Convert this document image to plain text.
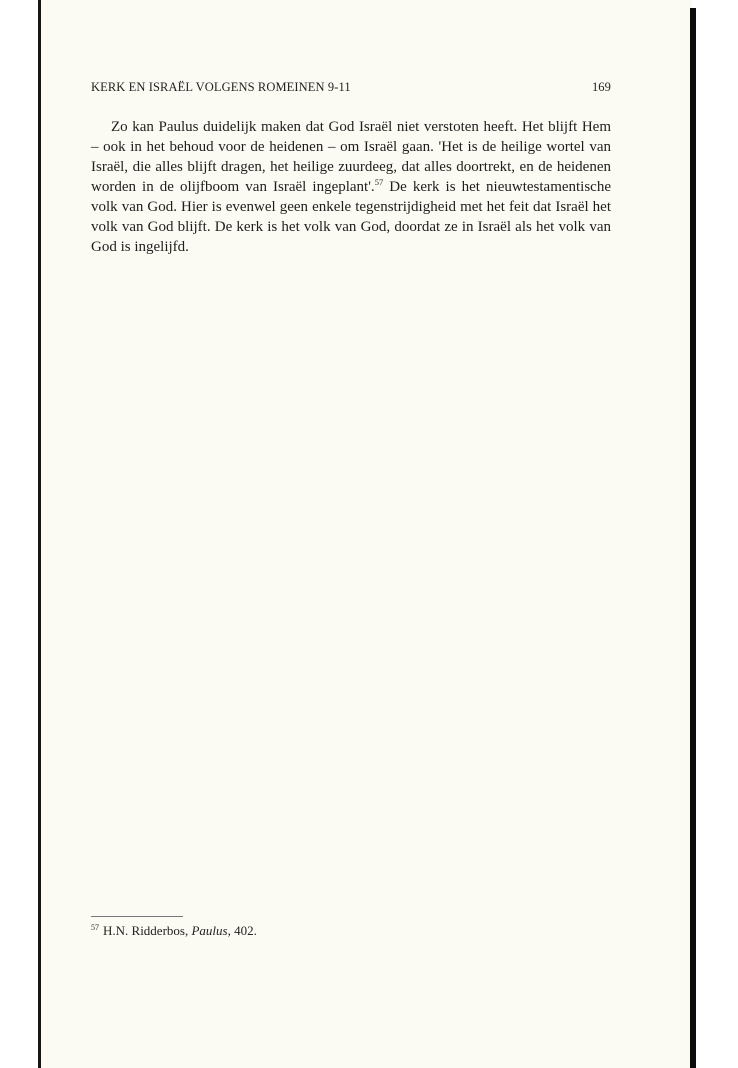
KERK EN ISRAËL VOLGENS ROMEINEN 9-11	169

Zo kan Paulus duidelijk maken dat God Israël niet verstoten heeft. Het blijft Hem – ook in het behoud voor de heidenen – om Israël gaan. 'Het is de heilige wortel van Israël, die alles blijft dragen, het heilige zuurdeeg, dat alles doortrekt, en de heidenen worden in de olijfboom van Israël ingeplant'.$^{57}$ De kerk is het nieuwtestamentische volk van God. Hier is evenwel geen enkele tegenstrijdigheid met het feit dat Israël het volk van God blijft. De kerk is het volk van God, doordat ze in Israël als het volk van God is ingelijfd.

$^{57}$ H.N. Ridderbos, Paulus, 402.
